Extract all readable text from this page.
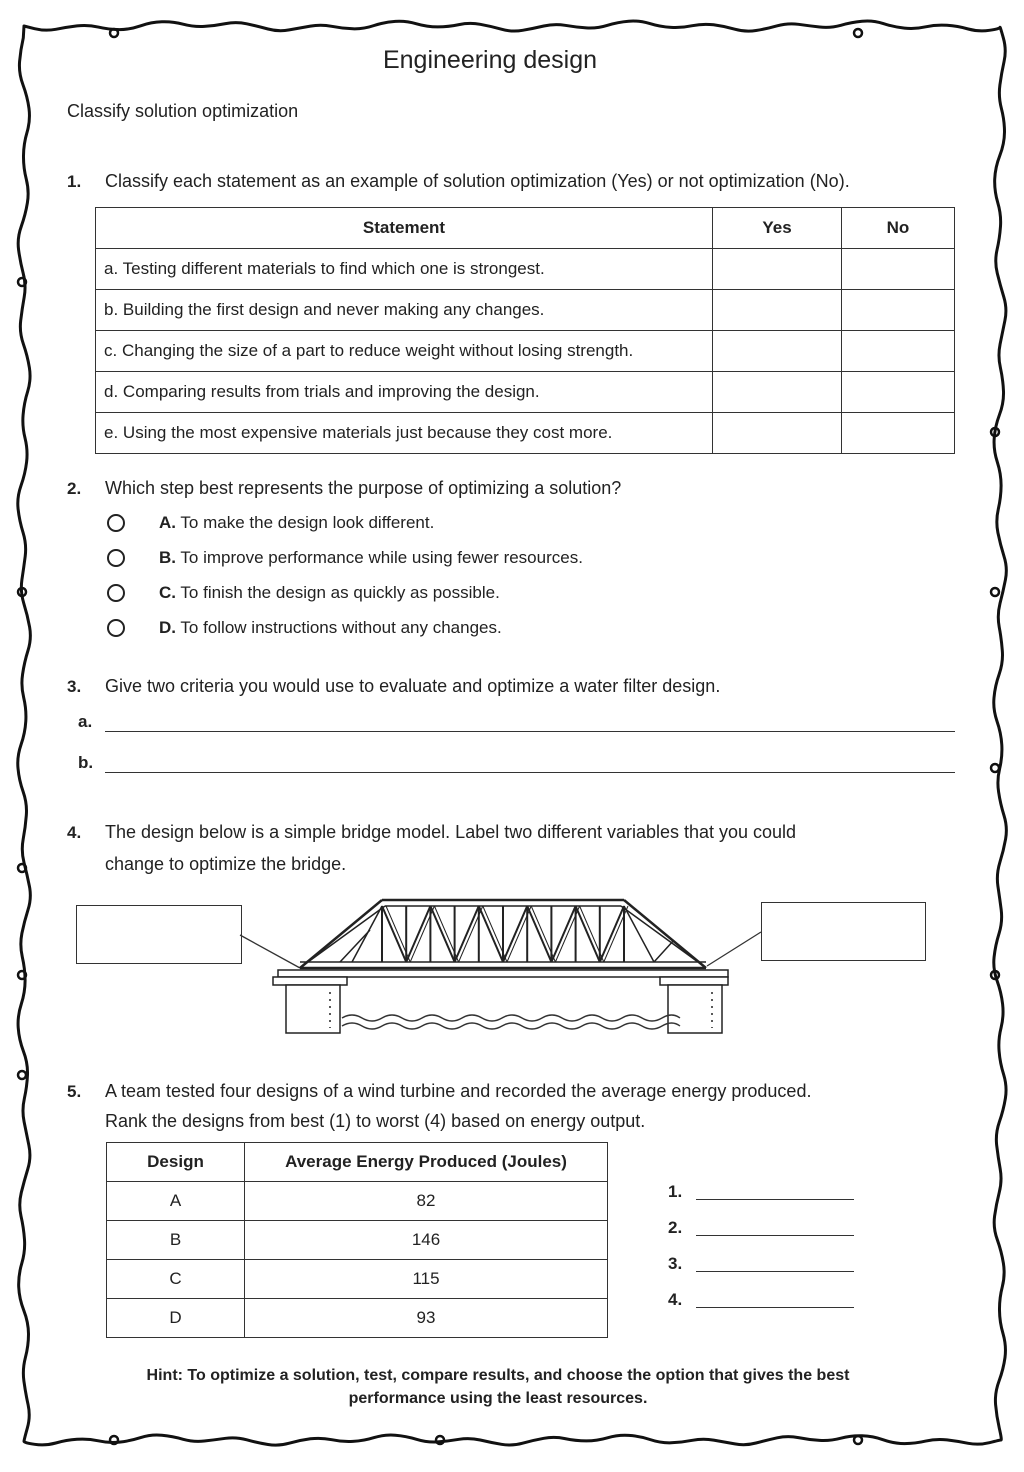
Engineering design
Classify solution optimization
1. Classify each statement as an example of solution optimization (Yes) or not optimization (No).
Statement	Yes	No
a. Testing different materials to find which one is strongest.		
b. Building the first design and never making any changes.		
c. Changing the size of a part to reduce weight without losing strength.		
d. Comparing results from trials and improving the design.		
e. Using the most expensive materials just because they cost more.		
2. Which step best represents the purpose of optimizing a solution?
A. To make the design look different.
B. To improve performance while using fewer resources.
C. To finish the design as quickly as possible.
D. To follow instructions without any changes.
3. Give two criteria you would use to evaluate and optimize a water filter design.
a.
b.
4. The design below is a simple bridge model. Label two different variables that you could
change to optimize the bridge.
5. A team tested four designs of a wind turbine and recorded the average energy produced.
Rank the designs from best (1) to worst (4) based on energy output.
Design	Average Energy Produced (Joules)
A	82
B	146
C	115
D	93
1.
2.
3.
4.
Hint: To optimize a solution, test, compare results, and choose the option that gives the best
performance using the least resources.
